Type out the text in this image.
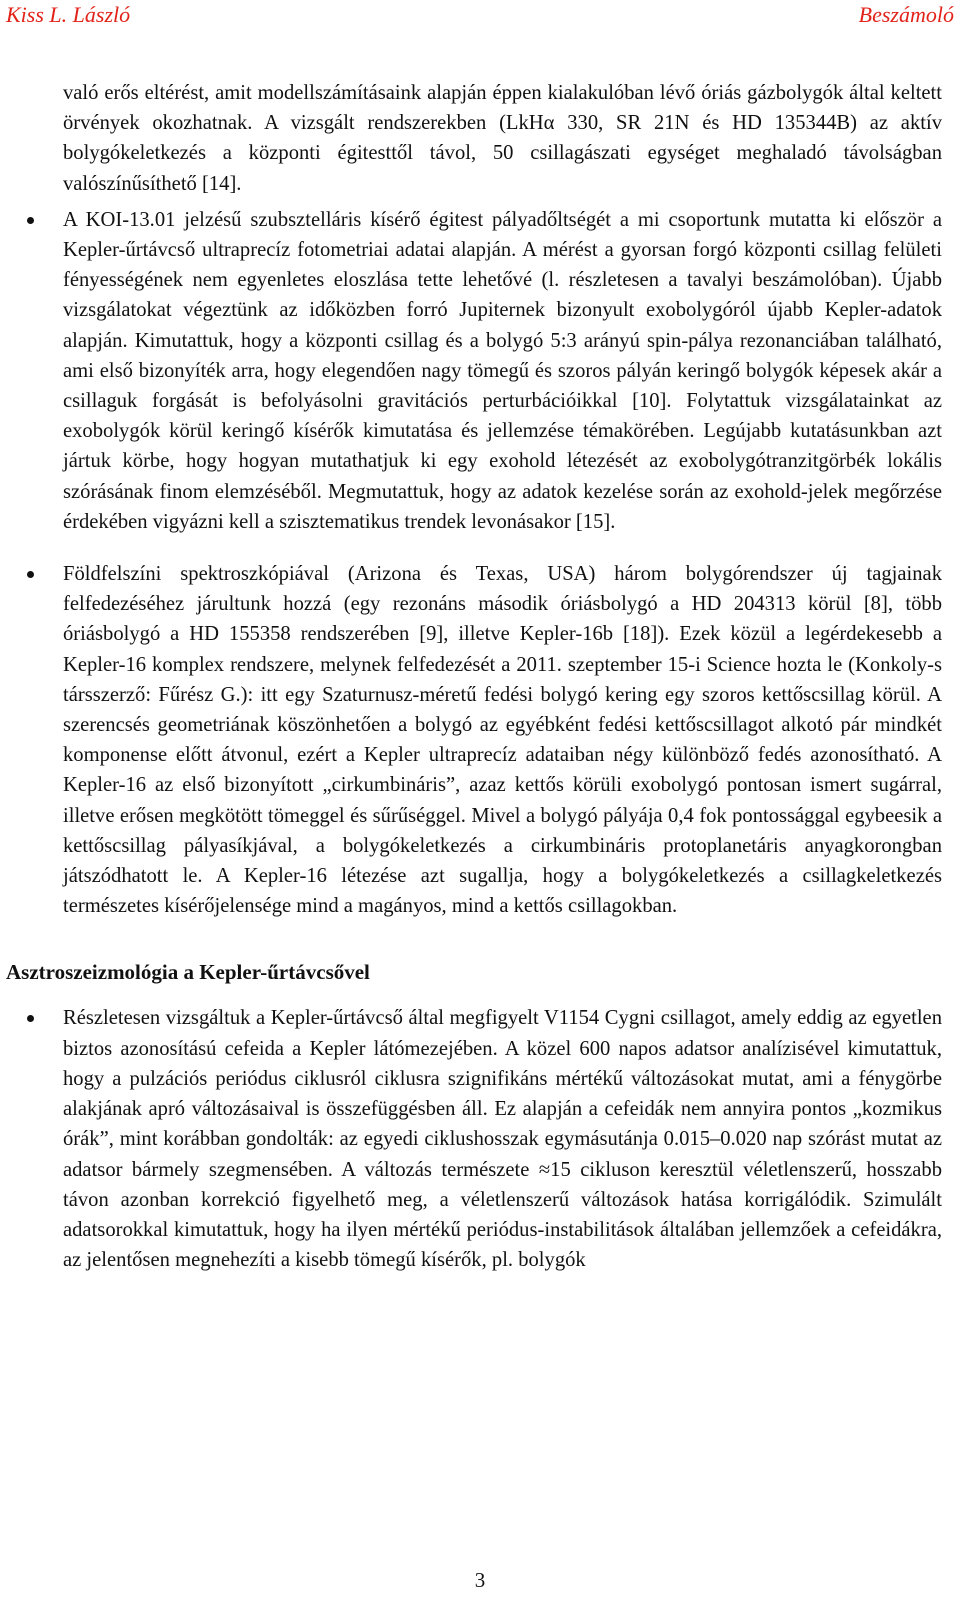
Kiss L. László	Beszámoló

való erős eltérést, amit modellszámításaink alapján éppen kialakulóban lévő óriás gázbolygók által keltett örvények okozhatnak. A vizsgált rendszerekben (LkHα 330, SR 21N és HD 135344B) az aktív bolygókeletkezés a központi égitesttől távol, 50 csillagászati egységet meghaladó távolságban valószínűsíthető [14].

A KOI-13.01 jelzésű szubsztelláris kísérő égitest pályadőltségét a mi csoportunk mutatta ki először a Kepler-űrtávcső ultraprecíz fotometriai adatai alapján. A mérést a gyorsan forgó központi csillag felületi fényességének nem egyenletes eloszlása tette lehetővé (l. részletesen a tavalyi beszámolóban). Újabb vizsgálatokat végeztünk az időközben forró Jupiternek bizonyult exobolygóról újabb Kepler-adatok alapján. Kimutattuk, hogy a központi csillag és a bolygó 5:3 arányú spin-pálya rezonanciában található, ami első bizonyíték arra, hogy elegendően nagy tömegű és szoros pályán keringő bolygók képesek akár a csillaguk forgását is befolyásolni gravitációs perturbációikkal [10]. Folytattuk vizsgálatainkat az exobolygók körül keringő kísérők kimutatása és jellemzése témakörében. Legújabb kutatásunkban azt jártuk körbe, hogy hogyan mutathatjuk ki egy exohold létezését az exobolygótranzitgörbék lokális szórásának finom elemzéséből. Megmutattuk, hogy az adatok kezelése során az exohold-jelek megőrzése érdekében vigyázni kell a szisztematikus trendek levonásakor [15].
Földfelszíni spektroszkópiával (Arizona és Texas, USA) három bolygórendszer új tagjainak felfedezéséhez járultunk hozzá (egy rezonáns második óriásbolygó a HD 204313 körül [8], több óriásbolygó a HD 155358 rendszerében [9], illetve Kepler-16b [18]). Ezek közül a legérdekesebb a Kepler-16 komplex rendszere, melynek felfedezését a 2011. szeptember 15-i Science hozta le (Konkoly-s társszerző: Fűrész G.): itt egy Szaturnusz-méretű fedési bolygó kering egy szoros kettőscsillag körül. A szerencsés geometriának köszönhetően a bolygó az egyébként fedési kettőscsillagot alkotó pár mindkét komponense előtt átvonul, ezért a Kepler ultraprecíz adataiban négy különböző fedés azonosítható. A Kepler-16 az első bizonyított „cirkumbináris”, azaz kettős körüli exobolygó pontosan ismert sugárral, illetve erősen megkötött tömeggel és sűrűséggel. Mivel a bolygó pályája 0,4 fok pontossággal egybeesik a kettőscsillag pályasíkjával, a bolygókeletkezés a cirkumbináris protoplanetáris anyagkorongban játszódhatott le. A Kepler-16 létezése azt sugallja, hogy a bolygókeletkezés a csillagkeletkezés természetes kísérőjelensége mind a magányos, mind a kettős csillagokban.
Asztroszeizmológia a Kepler-űrtávcsővel
Részletesen vizsgáltuk a Kepler-űrtávcső által megfigyelt V1154 Cygni csillagot, amely eddig az egyetlen biztos azonosítású cefeida a Kepler látómezejében. A közel 600 napos adatsor analízisével kimutattuk, hogy a pulzációs periódus ciklusról ciklusra szignifikáns mértékű változásokat mutat, ami a fénygörbe alakjának apró változásaival is összefüggésben áll. Ez alapján a cefeidák nem annyira pontos „kozmikus órák”, mint korábban gondolták: az egyedi ciklushosszak egymásutánja 0.015–0.020 nap szórást mutat az adatsor bármely szegmensében. A változás természete ≈15 cikluson keresztül véletlenszerű, hosszabb távon azonban korrekció figyelhető meg, a véletlenszerű változások hatása korrigálódik. Szimulált adatsorokkal kimutattuk, hogy ha ilyen mértékű periódus-instabilitások általában jellemzőek a cefeidákra, az jelentősen megnehezíti a kisebb tömegű kísérők, pl. bolygók
3
